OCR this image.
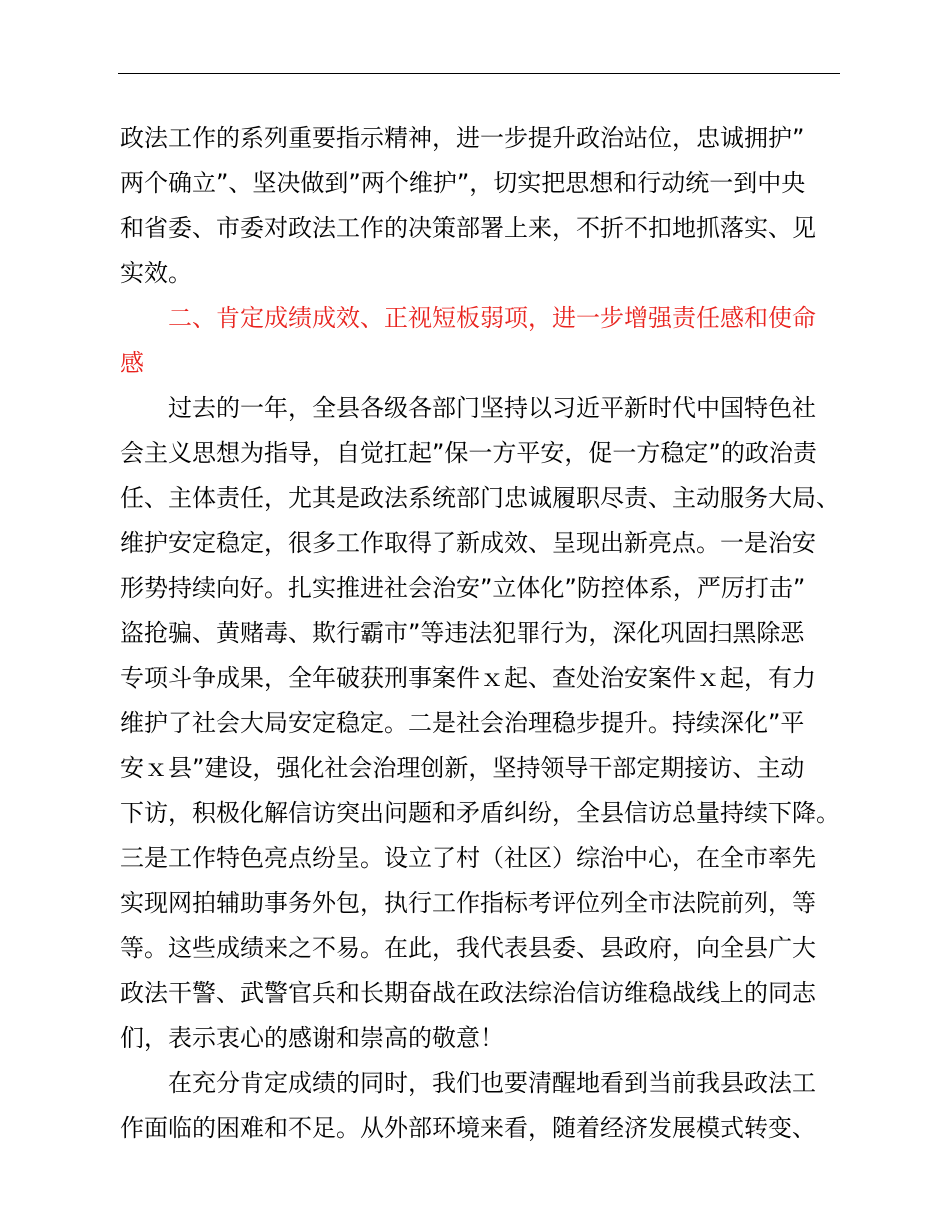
政法工作的系列重要指示精神，进一步提升政治站位，忠诚拥护”
两个确立”、坚决做到”两个维护”，切实把思想和行动统一到中央
和省委、市委对政法工作的决策部署上来，不折不扣地抓落实、见
实效。
　　二、肯定成绩成效、正视短板弱项，进一步增强责任感和使命
感
　　过去的一年，全县各级各部门坚持以习近平新时代中国特色社
会主义思想为指导，自觉扛起”保一方平安，促一方稳定”的政治责
任、主体责任，尤其是政法系统部门忠诚履职尽责、主动服务大局、
维护安定稳定，很多工作取得了新成效、呈现出新亮点。一是治安
形势持续向好。扎实推进社会治安”立体化”防控体系，严厉打击”
盗抢骗、黄赌毒、欺行霸市”等违法犯罪行为，深化巩固扫黑除恶
专项斗争成果，全年破获刑事案件ｘ起、查处治安案件ｘ起，有力
维护了社会大局安定稳定。二是社会治理稳步提升。持续深化”平
安ｘ县”建设，强化社会治理创新，坚持领导干部定期接访、主动
下访，积极化解信访突出问题和矛盾纠纷，全县信访总量持续下降。
三是工作特色亮点纷呈。设立了村（社区）综治中心，在全市率先
实现网拍辅助事务外包，执行工作指标考评位列全市法院前列，等
等。这些成绩来之不易。在此，我代表县委、县政府，向全县广大
政法干警、武警官兵和长期奋战在政法综治信访维稳战线上的同志
们，表示衷心的感谢和崇高的敬意！
　　在充分肯定成绩的同时，我们也要清醒地看到当前我县政法工
作面临的困难和不足。从外部环境来看，随着经济发展模式转变、
